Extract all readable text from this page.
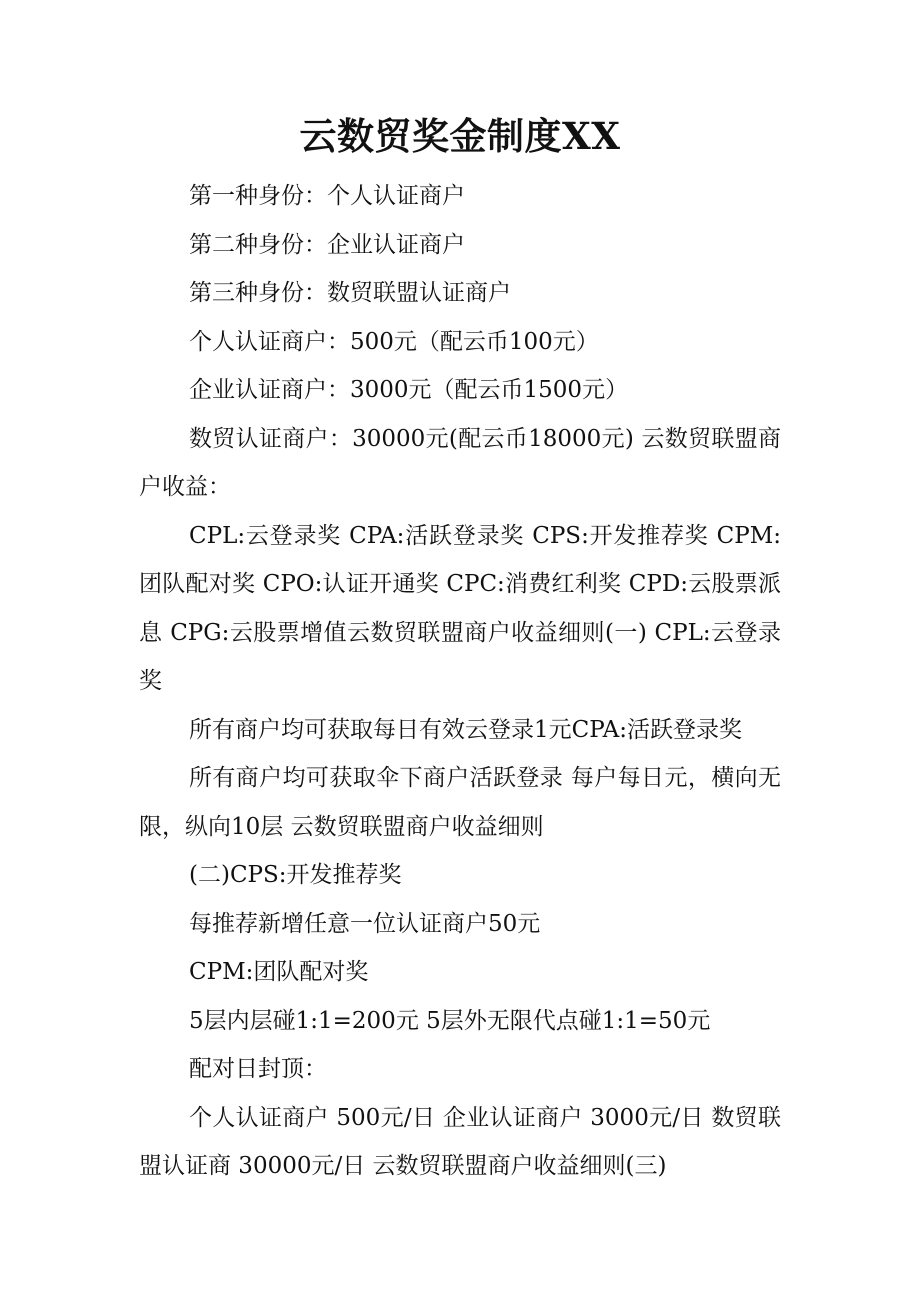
云数贸奖金制度XX

第一种身份：个人认证商户

第二种身份：企业认证商户

第三种身份：数贸联盟认证商户

个人认证商户：500元（配云币100元）

企业认证商户：3000元（配云币1500元）

数贸认证商户：30000元(配云币18000元) 云数贸联盟商户收益：

CPL:云登录奖 CPA:活跃登录奖 CPS:开发推荐奖 CPM:团队配对奖 CPO:认证开通奖 CPC:消费红利奖 CPD:云股票派息 CPG:云股票增值云数贸联盟商户收益细则(一) CPL:云登录奖

所有商户均可获取每日有效云登录1元CPA:活跃登录奖

所有商户均可获取伞下商户活跃登录 每户每日元，横向无限，纵向10层 云数贸联盟商户收益细则

(二)CPS:开发推荐奖

每推荐新增任意一位认证商户50元

CPM:团队配对奖

5层内层碰1:1=200元 5层外无限代点碰1:1=50元

配对日封顶：

个人认证商户 500元/日 企业认证商户 3000元/日 数贸联盟认证商 30000元/日 云数贸联盟商户收益细则(三)
